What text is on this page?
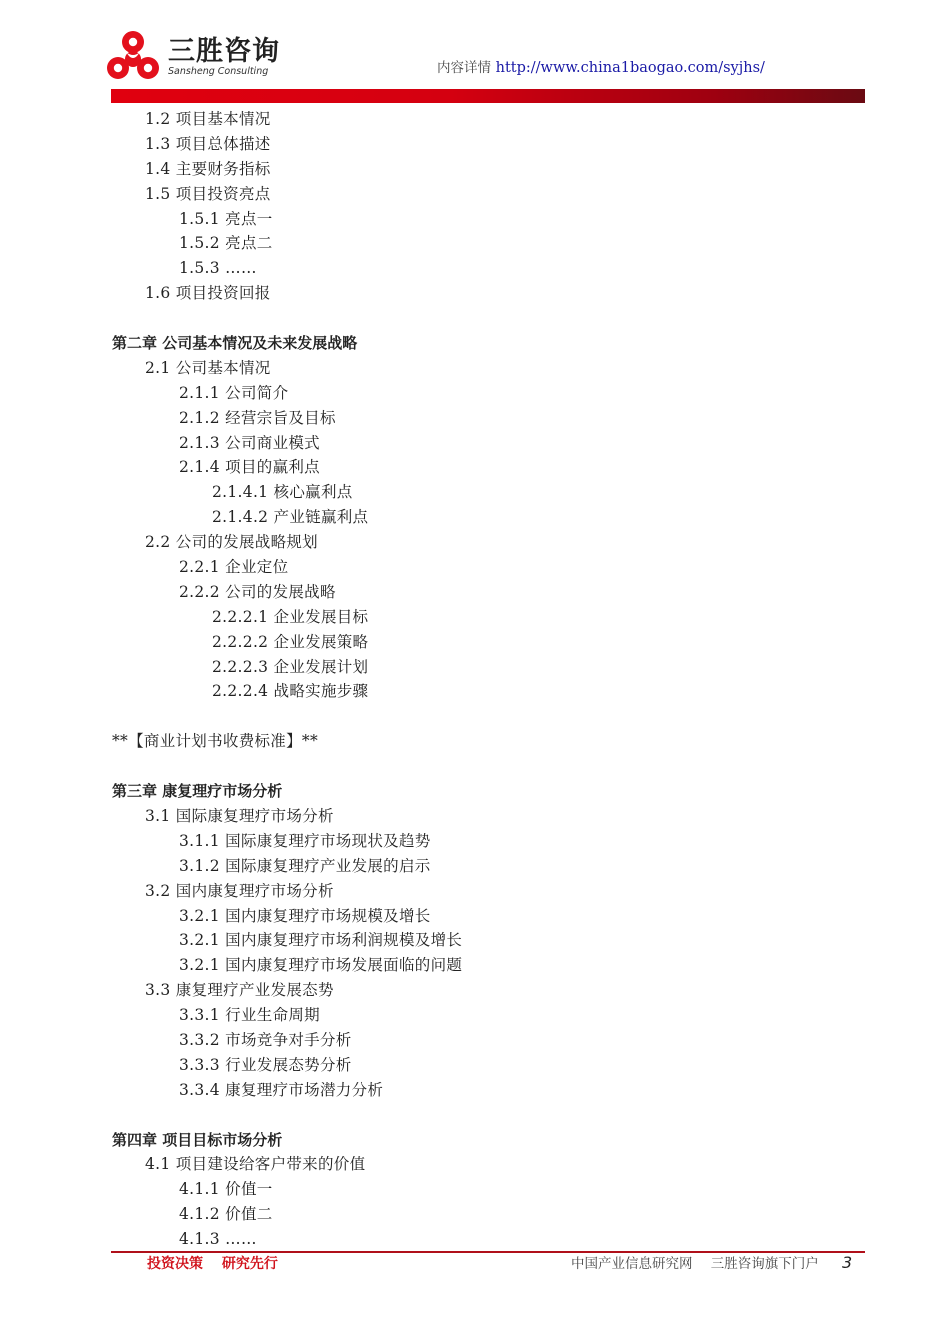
三胜咨询
Sansheng Consulting	内容详情 http://www.china1baogao.com/syjhs/
1.2 项目基本情况
1.3 项目总体描述
1.4 主要财务指标
1.5 项目投资亮点
1.5.1 亮点一
1.5.2 亮点二
1.5.3 ……
1.6 项目投资回报
第二章 公司基本情况及未来发展战略
2.1 公司基本情况
2.1.1 公司简介
2.1.2 经营宗旨及目标
2.1.3 公司商业模式
2.1.4 项目的赢利点
2.1.4.1 核心赢利点
2.1.4.2 产业链赢利点
2.2 公司的发展战略规划
2.2.1 企业定位
2.2.2 公司的发展战略
2.2.2.1 企业发展目标
2.2.2.2 企业发展策略
2.2.2.3 企业发展计划
2.2.2.4 战略实施步骤
**【商业计划书收费标准】**
第三章 康复理疗市场分析
3.1 国际康复理疗市场分析
3.1.1 国际康复理疗市场现状及趋势
3.1.2 国际康复理疗产业发展的启示
3.2 国内康复理疗市场分析
3.2.1 国内康复理疗市场规模及增长
3.2.1 国内康复理疗市场利润规模及增长
3.2.1 国内康复理疗市场发展面临的问题
3.3 康复理疗产业发展态势
3.3.1 行业生命周期
3.3.2 市场竞争对手分析
3.3.3 行业发展态势分析
3.3.4 康复理疗市场潜力分析
第四章 项目目标市场分析
4.1 项目建设给客户带来的价值
4.1.1 价值一
4.1.2 价值二
4.1.3 ……
投资决策 研究先行	中国产业信息研究网 三胜咨询旗下门户 3
